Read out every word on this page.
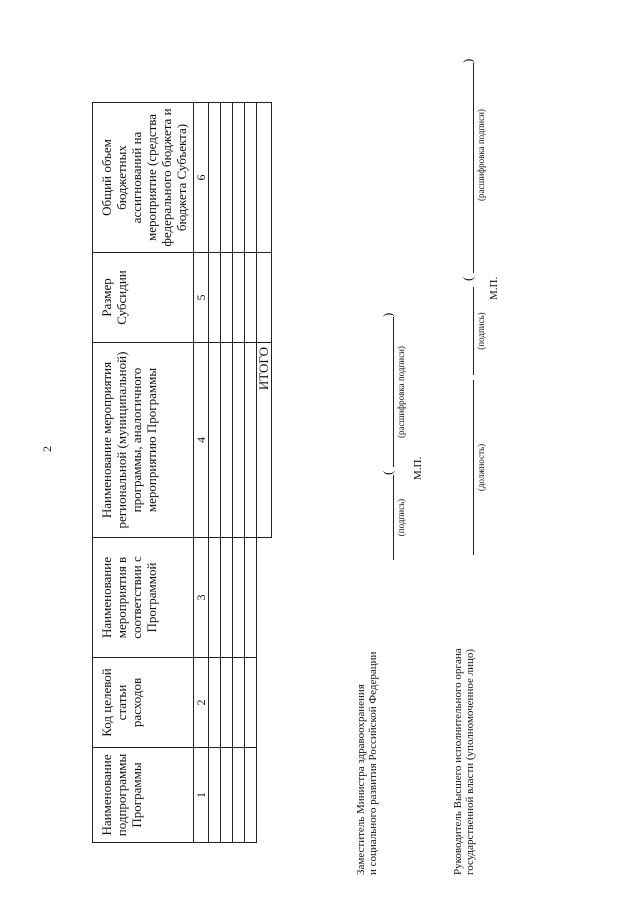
2
Наименование подпрограммы Программы	Код целевой статьи расходов	Наименование мероприятия в соответствии с Программой	Наименование мероприятия региональной (муниципальной) программы, аналогичного мероприятию Программы	Размер Субсидии	Общий объем бюджетных ассигнований на мероприятие (средства федерального бюджета и бюджета Субъекта)
1	2	3	4	5	6

			ИТОГО		
Заместитель Министра здравоохранения и социального развития Российской Федерации
(подпись)
(
)
(расшифровка подписи)
М.П.
Руководитель Высшего исполнительного органа государственной власти (уполномоченное лицо)
(должность)
(подпись)
(
)
(расшифровка подписи)
М.П.
